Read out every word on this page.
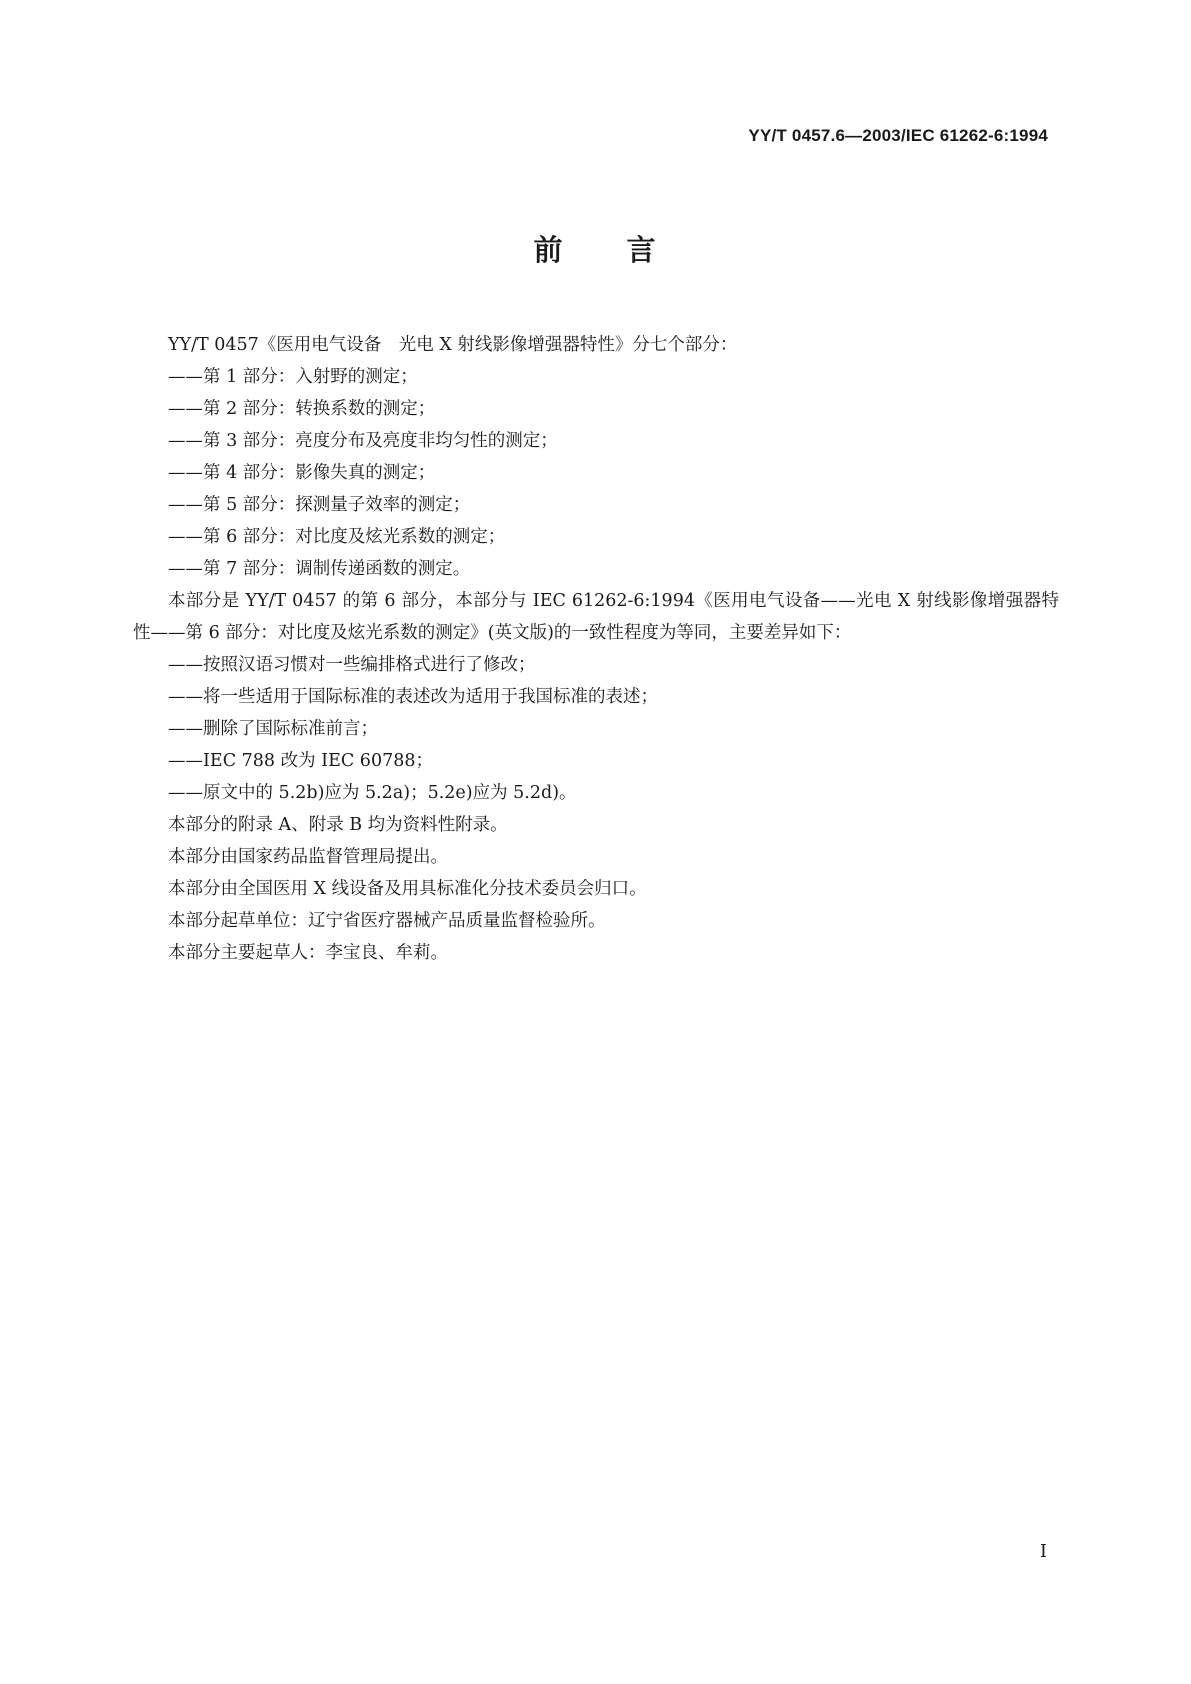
YY/T 0457.6—2003/IEC 61262-6:1994
前　　言

YY/T 0457《医用电气设备　光电 X 射线影像增强器特性》分七个部分：

——第 1 部分：入射野的测定；

——第 2 部分：转换系数的测定；

——第 3 部分：亮度分布及亮度非均匀性的测定；

——第 4 部分：影像失真的测定；

——第 5 部分：探测量子效率的测定；

——第 6 部分：对比度及炫光系数的测定；

——第 7 部分：调制传递函数的测定。

本部分是 YY/T 0457 的第 6 部分，本部分与 IEC 61262-6:1994《医用电气设备——光电 X 射线影像增强器特性——第 6 部分：对比度及炫光系数的测定》(英文版)的一致性程度为等同，主要差异如下：

——按照汉语习惯对一些编排格式进行了修改；

——将一些适用于国际标准的表述改为适用于我国标准的表述；

——删除了国际标准前言；

——IEC 788 改为 IEC 60788；

——原文中的 5.2b)应为 5.2a)；5.2e)应为 5.2d)。

本部分的附录 A、附录 B 均为资料性附录。

本部分由国家药品监督管理局提出。

本部分由全国医用 X 线设备及用具标准化分技术委员会归口。

本部分起草单位：辽宁省医疗器械产品质量监督检验所。

本部分主要起草人：李宝良、牟莉。

I
